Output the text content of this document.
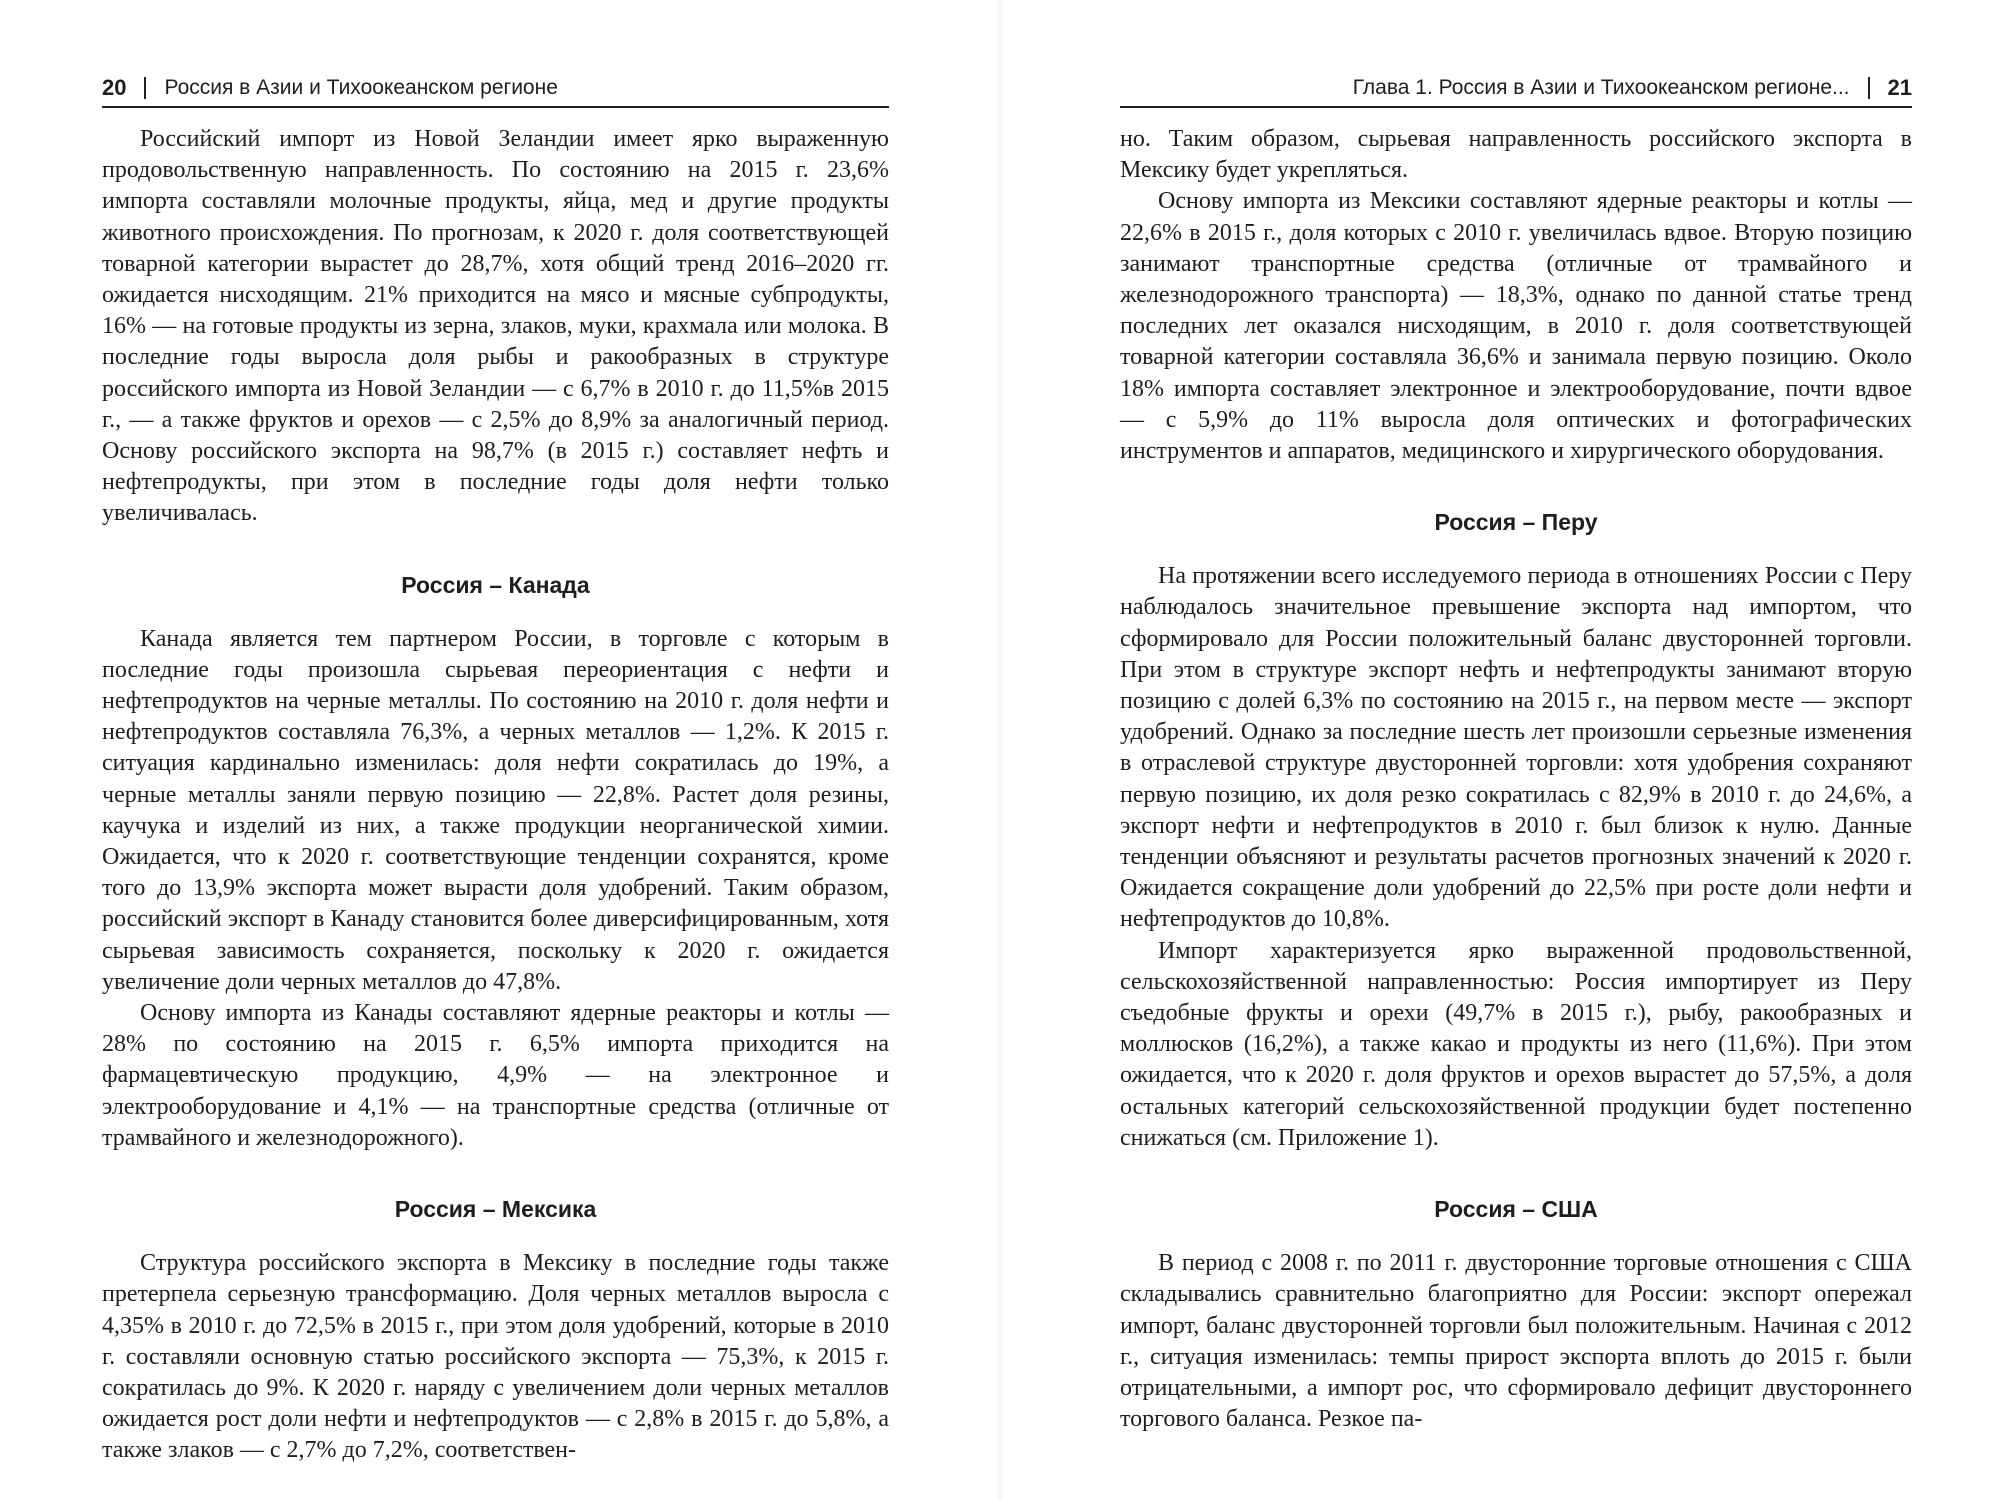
20 Россия в Азии и Тихоокеанском регионе

Российский импорт из Новой Зеландии имеет ярко выраженную продовольственную направленность. По состоянию на 2015 г. 23,6% импорта составляли молочные продукты, яйца, мед и другие продукты животного происхождения. По прогнозам, к 2020 г. доля соответствующей товарной категории вырастет до 28,7%, хотя общий тренд 2016–2020 гг. ожидается нисходящим. 21% приходится на мясо и мясные субпродукты, 16% — на готовые продукты из зерна, злаков, муки, крахмала или молока. В последние годы выросла доля рыбы и ракообразных в структуре российского импорта из Новой Зеландии — с 6,7% в 2010 г. до 11,5%в 2015 г., — а также фруктов и орехов — с 2,5% до 8,9% за аналогичный период. Основу российского экспорта на 98,7% (в 2015 г.) составляет нефть и нефтепродукты, при этом в последние годы доля нефти только увеличивалась.

Россия – Канада

Канада является тем партнером России, в торговле с которым в последние годы произошла сырьевая переориентация с нефти и нефтепродуктов на черные металлы. По состоянию на 2010 г. доля нефти и нефтепродуктов составляла 76,3%, а черных металлов — 1,2%. К 2015 г. ситуация кардинально изменилась: доля нефти сократилась до 19%, а черные металлы заняли первую позицию — 22,8%. Растет доля резины, каучука и изделий из них, а также продукции неорганической химии. Ожидается, что к 2020 г. соответствующие тенденции сохранятся, кроме того до 13,9% экспорта может вырасти доля удобрений. Таким образом, российский экспорт в Канаду становится более диверсифицированным, хотя сырьевая зависимость сохраняется, поскольку к 2020 г. ожидается увеличение доли черных металлов до 47,8%.

Основу импорта из Канады составляют ядерные реакторы и котлы — 28% по состоянию на 2015 г. 6,5% импорта приходится на фармацевтическую продукцию, 4,9% — на электронное и электрооборудование и 4,1% — на транспортные средства (отличные от трамвайного и железнодорожного).

Россия – Мексика

Структура российского экспорта в Мексику в последние годы также претерпела серьезную трансформацию. Доля черных металлов выросла с 4,35% в 2010 г. до 72,5% в 2015 г., при этом доля удобрений, которые в 2010 г. составляли основную статью российского экспорта — 75,3%, к 2015 г. сократилась до 9%. К 2020 г. наряду с увеличением доли черных металлов ожидается рост доли нефти и нефтепродуктов — с 2,8% в 2015 г. до 5,8%, а также злаков — с 2,7% до 7,2%, соответствен-

Глава 1. Россия в Азии и Тихоокеанском регионе... 21

но. Таким образом, сырьевая направленность российского экспорта в Мексику будет укрепляться.

Основу импорта из Мексики составляют ядерные реакторы и котлы — 22,6% в 2015 г., доля которых с 2010 г. увеличилась вдвое. Вторую позицию занимают транспортные средства (отличные от трамвайного и железнодорожного транспорта) — 18,3%, однако по данной статье тренд последних лет оказался нисходящим, в 2010 г. доля соответствующей товарной категории составляла 36,6% и занимала первую позицию. Около 18% импорта составляет электронное и электрооборудование, почти вдвое — с 5,9% до 11% выросла доля оптических и фотографических инструментов и аппаратов, медицинского и хирургического оборудования.

Россия – Перу

На протяжении всего исследуемого периода в отношениях России с Перу наблюдалось значительное превышение экспорта над импортом, что сформировало для России положительный баланс двусторонней торговли. При этом в структуре экспорт нефть и нефтепродукты занимают вторую позицию с долей 6,3% по состоянию на 2015 г., на первом месте — экспорт удобрений. Однако за последние шесть лет произошли серьезные изменения в отраслевой структуре двусторонней торговли: хотя удобрения сохраняют первую позицию, их доля резко сократилась с 82,9% в 2010 г. до 24,6%, а экспорт нефти и нефтепродуктов в 2010 г. был близок к нулю. Данные тенденции объясняют и результаты расчетов прогнозных значений к 2020 г. Ожидается сокращение доли удобрений до 22,5% при росте доли нефти и нефтепродуктов до 10,8%.

Импорт характеризуется ярко выраженной продовольственной, сельскохозяйственной направленностью: Россия импортирует из Перу съедобные фрукты и орехи (49,7% в 2015 г.), рыбу, ракообразных и моллюсков (16,2%), а также какао и продукты из него (11,6%). При этом ожидается, что к 2020 г. доля фруктов и орехов вырастет до 57,5%, а доля остальных категорий сельскохозяйственной продукции будет постепенно снижаться (см. Приложение 1).

Россия – США

В период с 2008 г. по 2011 г. двусторонние торговые отношения с США складывались сравнительно благоприятно для России: экспорт опережал импорт, баланс двусторонней торговли был положительным. Начиная с 2012 г., ситуация изменилась: темпы прирост экспорта вплоть до 2015 г. были отрицательными, а импорт рос, что сформировало дефицит двустороннего торгового баланса. Резкое па-
